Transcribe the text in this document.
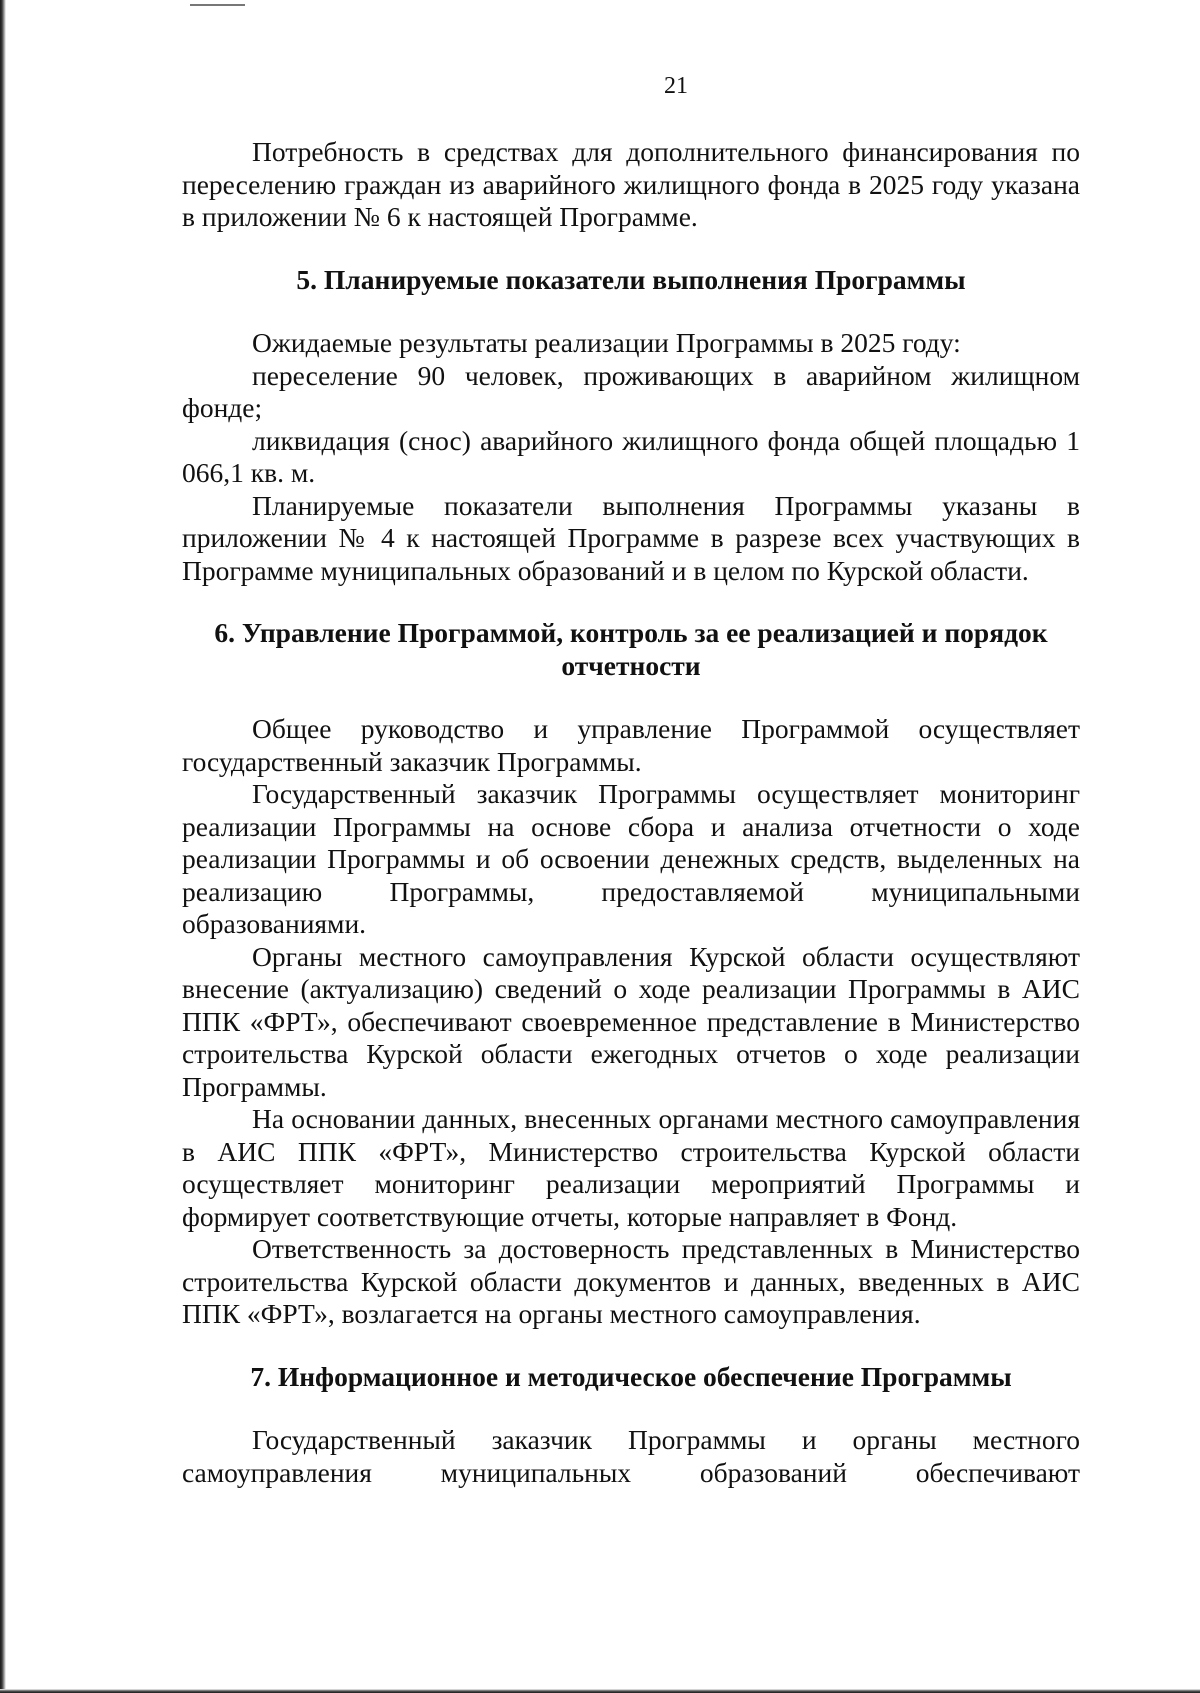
21

Потребность в средствах для дополнительного финансирования по переселению граждан из аварийного жилищного фонда в 2025 году указана в приложении № 6 к настоящей Программе.

5. Планируемые показатели выполнения Программы

Ожидаемые результаты реализации Программы в 2025 году:

переселение 90 человек, проживающих в аварийном жилищном фонде;

ликвидация (снос) аварийного жилищного фонда общей площадью 1 066,1 кв. м.

Планируемые показатели выполнения Программы указаны в приложении № 4 к настоящей Программе в разрезе всех участвующих в Программе муниципальных образований и в целом по Курской области.

6. Управление Программой, контроль за ее реализацией и порядок отчетности

Общее руководство и управление Программой осуществляет государственный заказчик Программы.

Государственный заказчик Программы осуществляет мониторинг реализации Программы на основе сбора и анализа отчетности о ходе реализации Программы и об освоении денежных средств, выделенных на реализацию Программы, предоставляемой муниципальными образованиями.

Органы местного самоуправления Курской области осуществляют внесение (актуализацию) сведений о ходе реализации Программы в АИС ППК «ФРТ», обеспечивают своевременное представление в Министерство строительства Курской области ежегодных отчетов о ходе реализации Программы.

На основании данных, внесенных органами местного самоуправления в АИС ППК «ФРТ», Министерство строительства Курской области осуществляет мониторинг реализации мероприятий Программы и формирует соответствующие отчеты, которые направляет в Фонд.

Ответственность за достоверность представленных в Министерство строительства Курской области документов и данных, введенных в АИС ППК «ФРТ», возлагается на органы местного самоуправления.

7. Информационное и методическое обеспечение Программы

Государственный заказчик Программы и органы местного самоуправления муниципальных образований обеспечивают
